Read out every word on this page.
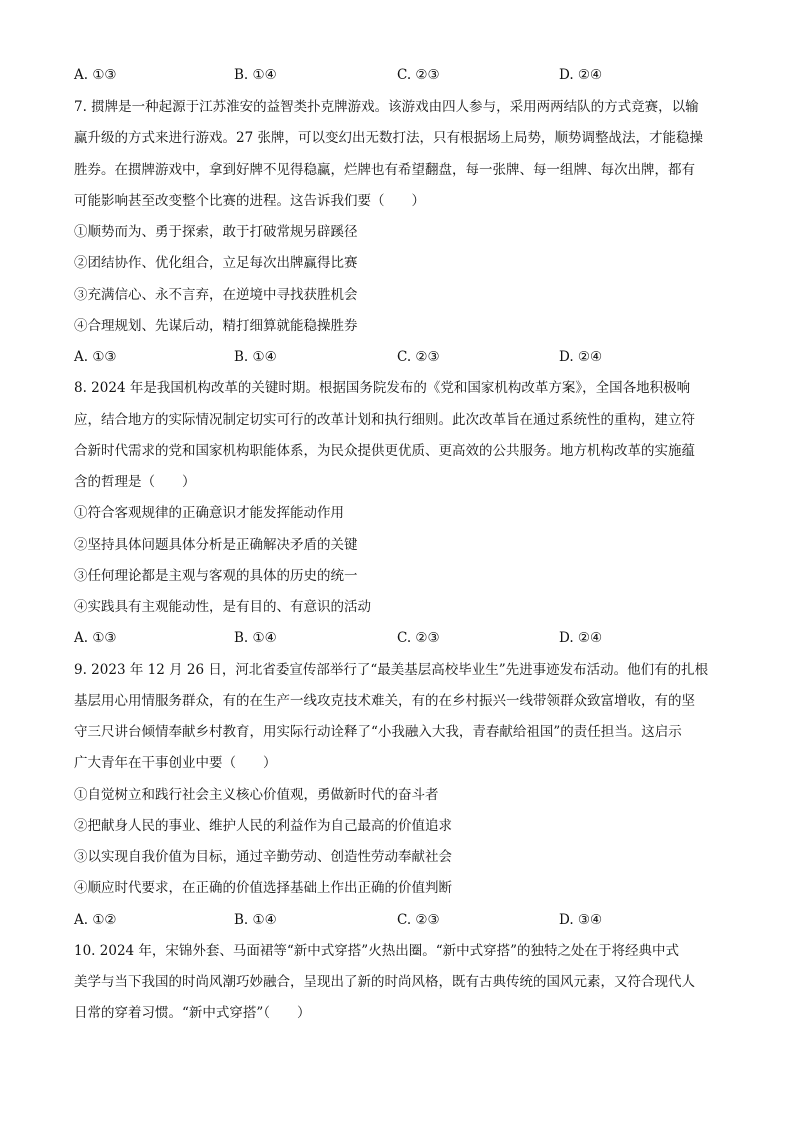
A. ①③	B. ①④	C. ②③	D. ②④
7. 掼牌是一种起源于江苏淮安的益智类扑克牌游戏。该游戏由四人参与，采用两两结队的方式竞赛，以输
赢升级的方式来进行游戏。27 张牌，可以变幻出无数打法，只有根据场上局势，顺势调整战法，才能稳操
胜券。在掼牌游戏中，拿到好牌不见得稳赢，烂牌也有希望翻盘，每一张牌、每一组牌、每次出牌，都有
可能影响甚至改变整个比赛的进程。这告诉我们要（　　）
①顺势而为、勇于探索，敢于打破常规另辟蹊径
②团结协作、优化组合，立足每次出牌赢得比赛
③充满信心、永不言弃，在逆境中寻找获胜机会
④合理规划、先谋后动，精打细算就能稳操胜券
A. ①③	B. ①④	C. ②③	D. ②④
8. 2024 年是我国机构改革的关键时期。根据国务院发布的《党和国家机构改革方案》，全国各地积极响
应，结合地方的实际情况制定切实可行的改革计划和执行细则。此次改革旨在通过系统性的重构，建立符
合新时代需求的党和国家机构职能体系，为民众提供更优质、更高效的公共服务。地方机构改革的实施蕴
含的哲理是（　　）
①符合客观规律的正确意识才能发挥能动作用
②坚持具体问题具体分析是正确解决矛盾的关键
③任何理论都是主观与客观的具体的历史的统一
④实践具有主观能动性，是有目的、有意识的活动
A. ①③	B. ①④	C. ②③	D. ②④
9. 2023 年 12 月 26 日，河北省委宣传部举行了“最美基层高校毕业生”先进事迹发布活动。他们有的扎根
基层用心用情服务群众，有的在生产一线攻克技术难关，有的在乡村振兴一线带领群众致富增收，有的坚
守三尺讲台倾情奉献乡村教育，用实际行动诠释了“小我融入大我，青春献给祖国”的责任担当。这启示
广大青年在干事创业中要（　　）
①自觉树立和践行社会主义核心价值观，勇做新时代的奋斗者
②把献身人民的事业、维护人民的利益作为自己最高的价值追求
③以实现自我价值为目标，通过辛勤劳动、创造性劳动奉献社会
④顺应时代要求，在正确的价值选择基础上作出正确的价值判断
A. ①②	B. ①④	C. ②③	D. ③④
10. 2024 年，宋锦外套、马面裙等“新中式穿搭”火热出圈。“新中式穿搭”的独特之处在于将经典中式
美学与当下我国的时尚风潮巧妙融合，呈现出了新的时尚风格，既有古典传统的国风元素，又符合现代人
日常的穿着习惯。“新中式穿搭”（　　）
